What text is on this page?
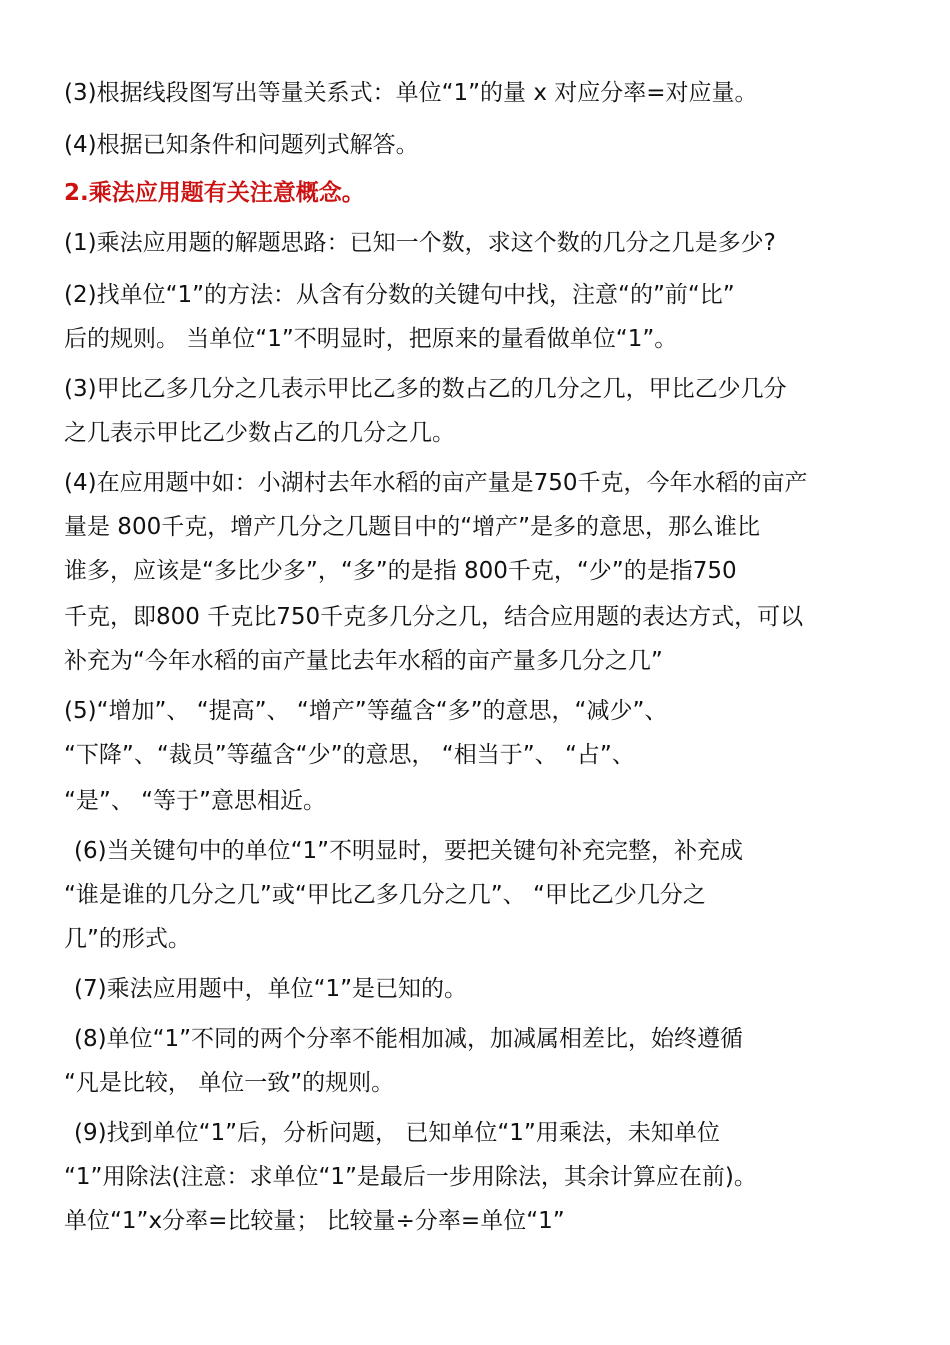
(3)根据线段图写出等量关系式：单位“1”的量 x 对应分率=对应量。
(4)根据已知条件和问题列式解答。
2.乘法应用题有关注意概念。
(1)乘法应用题的解题思路：已知一个数，求这个数的几分之几是多少?
(2)找单位“1”的方法：从含有分数的关键句中找，注意“的”前“比”
后的规则。 当单位“1”不明显时，把原来的量看做单位“1”。
(3)甲比乙多几分之几表示甲比乙多的数占乙的几分之几，甲比乙少几分
之几表示甲比乙少数占乙的几分之几。
(4)在应用题中如：小湖村去年水稻的亩产量是750千克，今年水稻的亩产
量是 800千克，增产几分之几题目中的“增产”是多的意思，那么谁比
谁多，应该是“多比少多”，“多”的是指 800千克，“少”的是指750
千克，即800 千克比750千克多几分之几，结合应用题的表达方式，可以
补充为“今年水稻的亩产量比去年水稻的亩产量多几分之几”
(5)“增加”、 “提高”、 “增产”等蕴含“多”的意思，“减少”、
“下降”、“裁员”等蕴含“少”的意思， “相当于”、 “占”、
“是”、 “等于”意思相近。
(6)当关键句中的单位“1”不明显时，要把关键句补充完整，补充成
“谁是谁的几分之几”或“甲比乙多几分之几”、 “甲比乙少几分之
几”的形式。
(7)乘法应用题中，单位“1”是已知的。
(8)单位“1”不同的两个分率不能相加减，加减属相差比，始终遵循
“凡是比较， 单位一致”的规则。
(9)找到单位“1”后，分析问题， 已知单位“1”用乘法，未知单位
“1”用除法(注意：求单位“1”是最后一步用除法，其余计算应在前)。
单位“1”x分率=比较量； 比较量÷分率=单位“1”
